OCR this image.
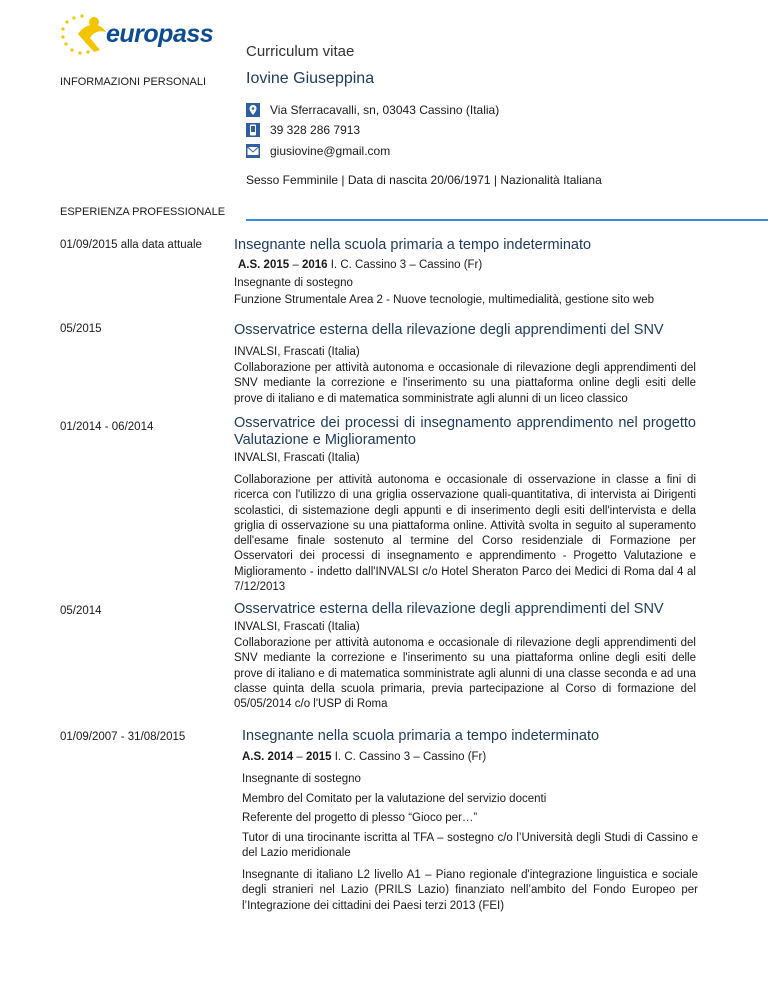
europass
Curriculum vitae
INFORMAZIONI PERSONALI Iovine Giuseppina
Via Sferracavalli, sn, 03043 Cassino (Italia)
39 328 286 7913
giusiovine@gmail.com
Sesso Femminile | Data di nascita 20/06/1971 | Nazionalità Italiana
ESPERIENZA PROFESSIONALE
01/09/2015 alla data attuale Insegnante nella scuola primaria a tempo indeterminato
A.S. 2015 – 2016 I. C. Cassino 3 – Cassino (Fr)
Insegnante di sostegno
Funzione Strumentale Area 2 - Nuove tecnologie, multimedialità, gestione sito web
05/2015	Osservatrice esterna della rilevazione degli apprendimenti del SNV
INVALSI, Frascati (Italia)
Collaborazione per attività autonoma e occasionale di rilevazione degli apprendimenti del SNV mediante la correzione e l'inserimento su una piattaforma online degli esiti delle prove di italiano e di matematica somministrate agli alunni di un liceo classico
01/2014 - 06/2014	Osservatrice dei processi di insegnamento apprendimento nel progetto Valutazione e Miglioramento
INVALSI, Frascati (Italia)
Collaborazione per attività autonoma e occasionale di osservazione in classe a fini di ricerca con l'utilizzo di una griglia osservazione quali-quantitativa, di intervista ai Dirigenti scolastici, di sistemazione degli appunti e di inserimento degli esiti dell'intervista e della griglia di osservazione su una piattaforma online. Attività svolta in seguito al superamento dell'esame finale sostenuto al termine del Corso residenziale di Formazione per Osservatori dei processi di insegnamento e apprendimento - Progetto Valutazione e Miglioramento - indetto dall'INVALSI c/o Hotel Sheraton Parco dei Medici di Roma dal 4 al 7/12/2013
05/2014	Osservatrice esterna della rilevazione degli apprendimenti del SNV
INVALSI, Frascati (Italia)
Collaborazione per attività autonoma e occasionale di rilevazione degli apprendimenti del SNV mediante la correzione e l'inserimento su una piattaforma online degli esiti delle prove di italiano e di matematica somministrate agli alunni di una classe seconda e ad una classe quinta della scuola primaria, previa partecipazione al Corso di formazione del 05/05/2014 c/o l'USP di Roma
01/09/2007 - 31/08/2015	Insegnante nella scuola primaria a tempo indeterminato
A.S. 2014 – 2015 I. C. Cassino 3 – Cassino (Fr)
Insegnante di sostegno
Membro del Comitato per la valutazione del servizio docenti
Referente del progetto di plesso “Gioco per…”
Tutor di una tirocinante iscritta al TFA – sostegno c/o l’Università degli Studi di Cassino e del Lazio meridionale
Insegnante di italiano L2 livello A1 – Piano regionale d'integrazione linguistica e sociale degli stranieri nel Lazio (PRILS Lazio) finanziato nell’ambito del Fondo Europeo per l’Integrazione dei cittadini dei Paesi terzi 2013 (FEI)
